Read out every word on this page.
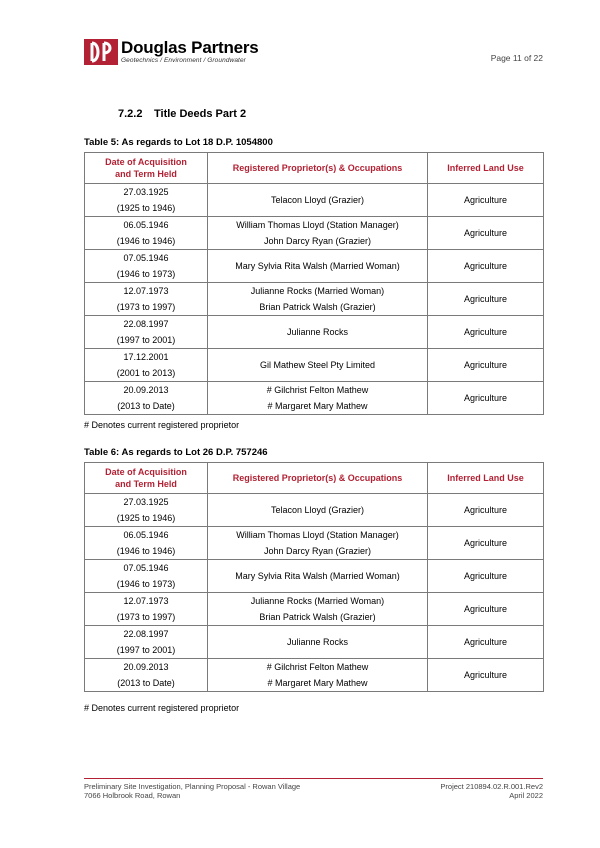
Douglas Partners
Geotechnics / Environment / Groundwater	Page 11 of 22
7.2.2 Title Deeds Part 2
Table 5: As regards to Lot 18 D.P. 1054800
Date of Acquisition
and Term Held	Registered Proprietor(s) & Occupations	Inferred Land Use

27.03.1925
(1925 to 1946)	Telacon Lloyd (Grazier)	Agriculture

06.05.1946
(1946 to 1946)	William Thomas Lloyd (Station Manager)
John Darcy Ryan (Grazier)	Agriculture

07.05.1946
(1946 to 1973)	Mary Sylvia Rita Walsh (Married Woman)	Agriculture

12.07.1973
(1973 to 1997)	Julianne Rocks (Married Woman)
Brian Patrick Walsh (Grazier)	Agriculture

22.08.1997
(1997 to 2001)	Julianne Rocks	Agriculture

17.12.2001
(2001 to 2013)	Gil Mathew Steel Pty Limited	Agriculture

20.09.2013
(2013 to Date)	# Gilchrist Felton Mathew
# Margaret Mary Mathew	Agriculture
# Denotes current registered proprietor
Table 6: As regards to Lot 26 D.P. 757246
Date of Acquisition
and Term Held	Registered Proprietor(s) & Occupations	Inferred Land Use

27.03.1925
(1925 to 1946)	Telacon Lloyd (Grazier)	Agriculture

06.05.1946
(1946 to 1946)	William Thomas Lloyd (Station Manager)
John Darcy Ryan (Grazier)	Agriculture

07.05.1946
(1946 to 1973)	Mary Sylvia Rita Walsh (Married Woman)	Agriculture

12.07.1973
(1973 to 1997)	Julianne Rocks (Married Woman)
Brian Patrick Walsh (Grazier)	Agriculture

22.08.1997
(1997 to 2001)	Julianne Rocks	Agriculture

20.09.2013
(2013 to Date)	# Gilchrist Felton Mathew
# Margaret Mary Mathew	Agriculture
# Denotes current registered proprietor
Preliminary Site Investigation, Planning Proposal - Rowan Village
7066 Holbrook Road, Rowan
Project 210894.02.R.001.Rev2
April 2022
